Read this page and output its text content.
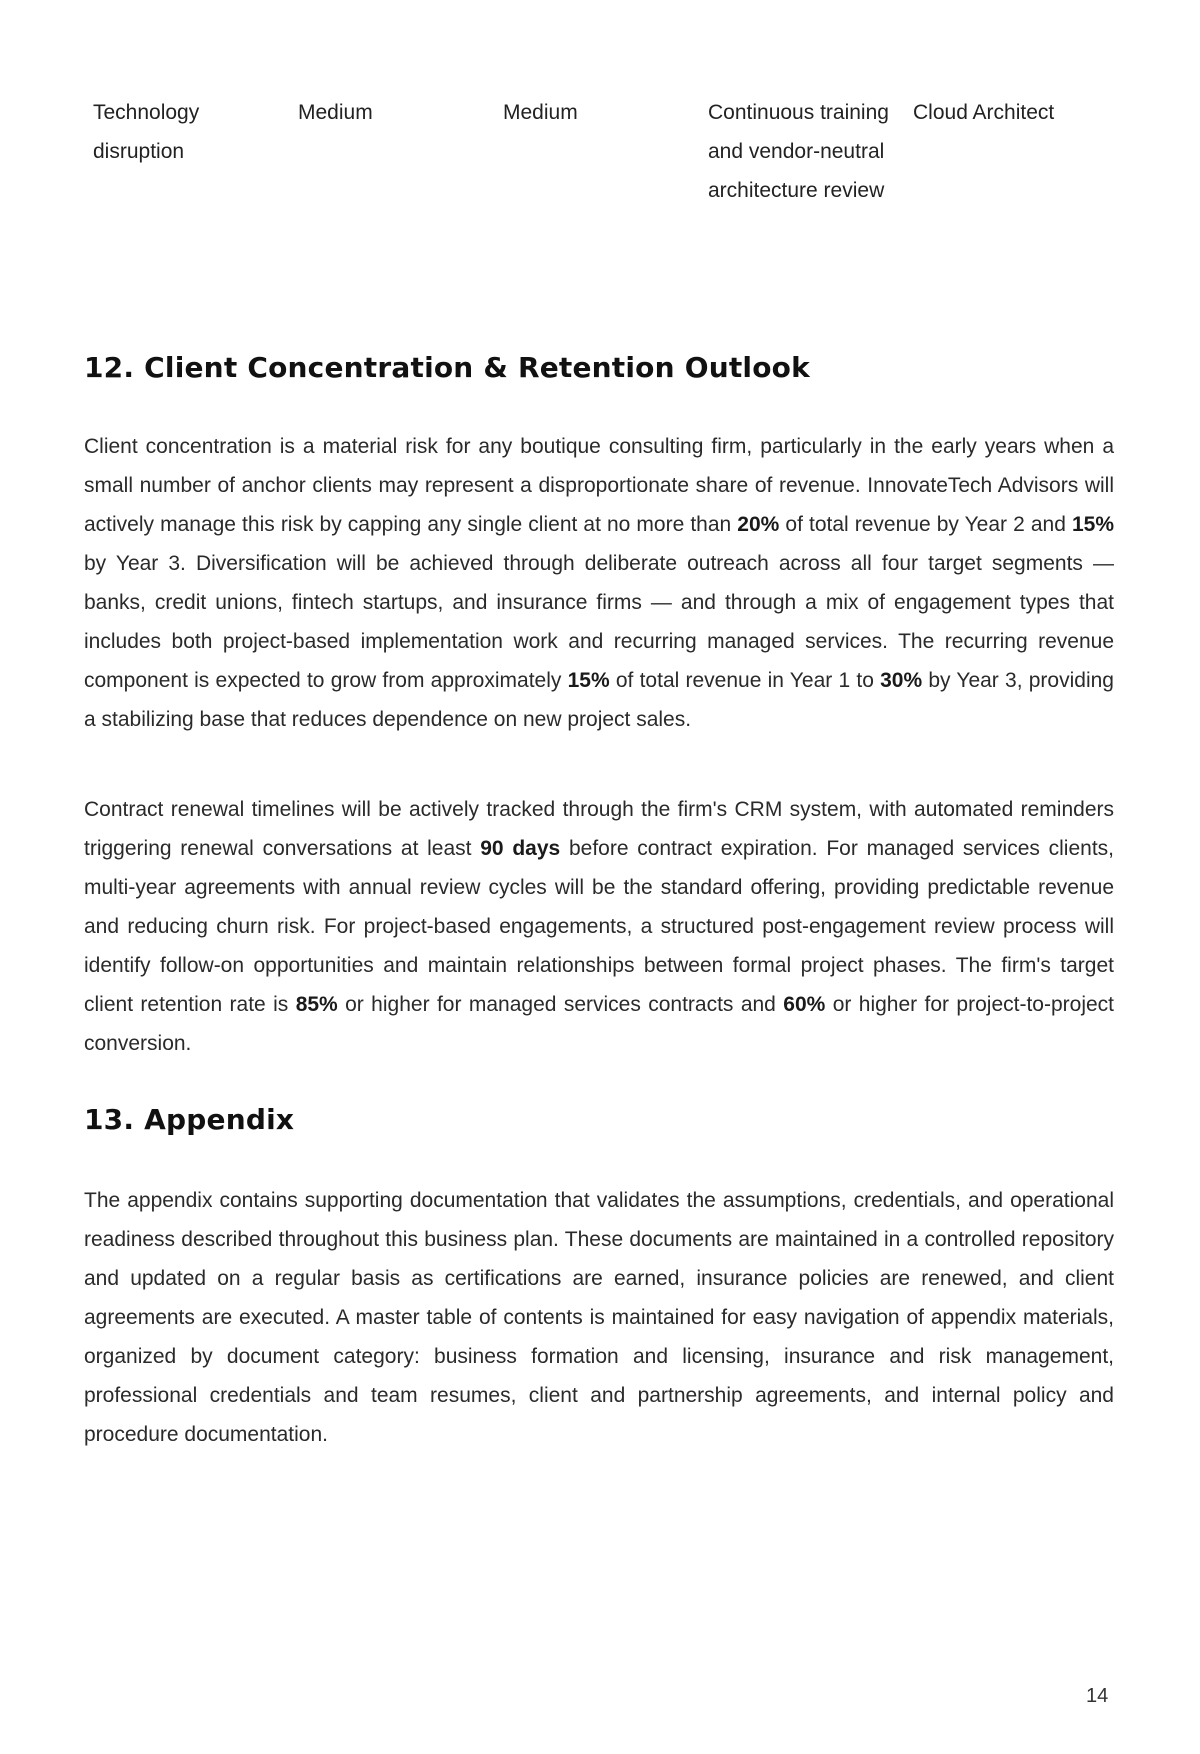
Technology disruption
Medium	Medium	Continuous training and vendor-neutral architecture review
Cloud Architect
12. Client Concentration & Retention Outlook

Client concentration is a material risk for any boutique consulting firm, particularly in the early years when a small number of anchor clients may represent a disproportionate share of revenue. InnovateTech Advisors will actively manage this risk by capping any single client at no more than 20% of total revenue by Year 2 and 15% by Year 3. Diversification will be achieved through deliberate outreach across all four target segments — banks, credit unions, fintech startups, and insurance firms — and through a mix of engagement types that includes both project-based implementation work and recurring managed services. The recurring revenue component is expected to grow from approximately 15% of total revenue in Year 1 to 30% by Year 3, providing a stabilizing base that reduces dependence on new project sales.

Contract renewal timelines will be actively tracked through the firm's CRM system, with automated reminders triggering renewal conversations at least 90 days before contract expiration. For managed services clients, multi-year agreements with annual review cycles will be the standard offering, providing predictable revenue and reducing churn risk. For project-based engagements, a structured post-engagement review process will identify follow-on opportunities and maintain relationships between formal project phases. The firm's target client retention rate is 85% or higher for managed services contracts and 60% or higher for project-to-project conversion.

13. Appendix

The appendix contains supporting documentation that validates the assumptions, credentials, and operational readiness described throughout this business plan. These documents are maintained in a controlled repository and updated on a regular basis as certifications are earned, insurance policies are renewed, and client agreements are executed. A master table of contents is maintained for easy navigation of appendix materials, organized by document category: business formation and licensing, insurance and risk management, professional credentials and team resumes, client and partnership agreements, and internal policy and procedure documentation.

14
